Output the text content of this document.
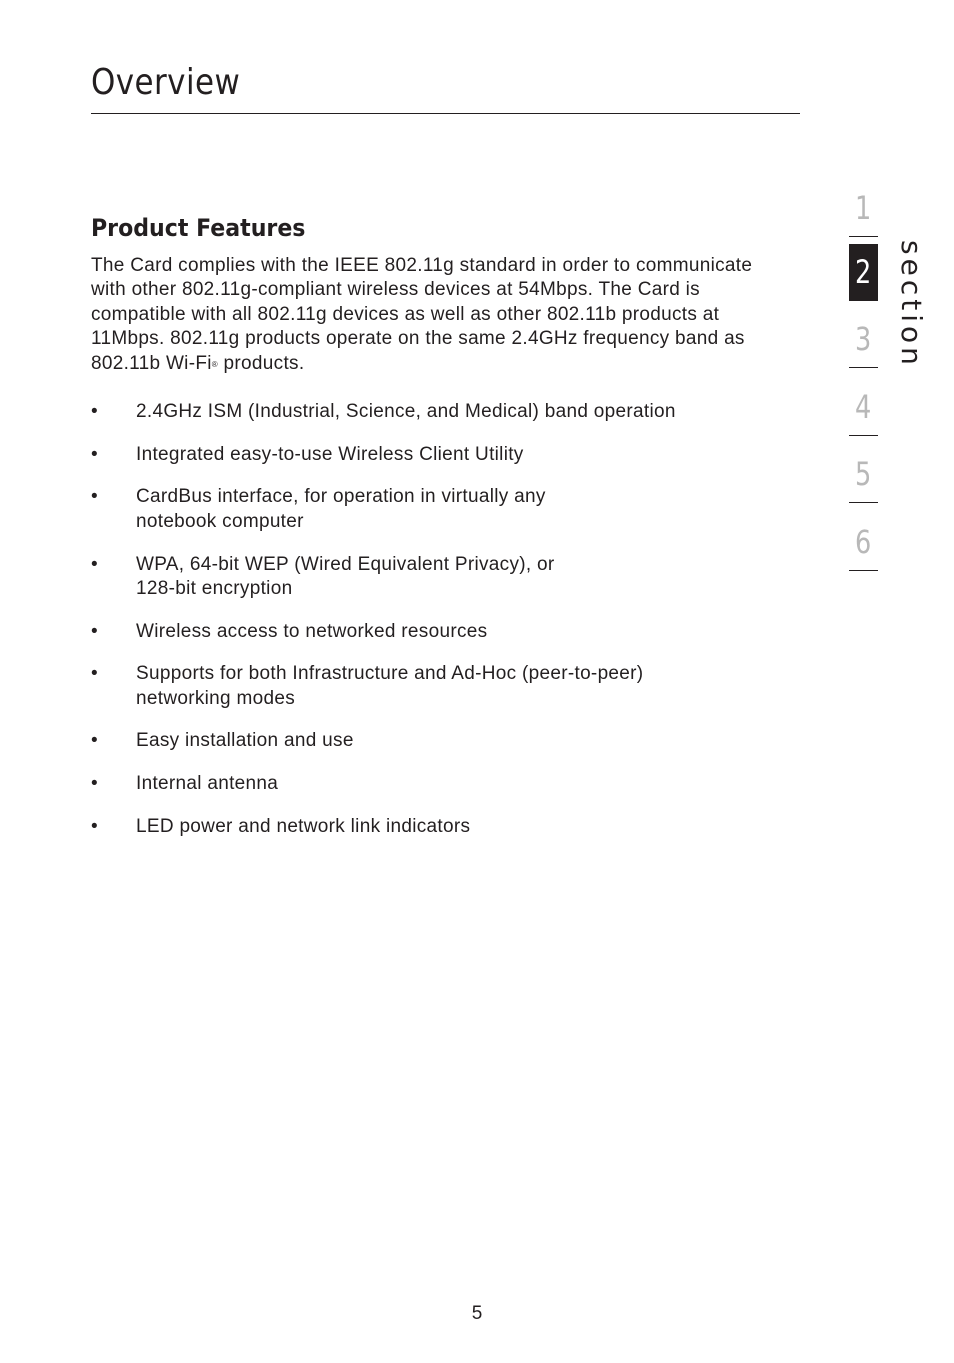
Overview
Product Features

The Card complies with the IEEE 802.11g standard in order to communicate with other 802.11g-compliant wireless devices at 54Mbps. The Card is compatible with all 802.11g devices as well as other 802.11b products at 11Mbps. 802.11g products operate on the same 2.4GHz frequency band as 802.11b Wi-Fi® products.

• 2.4GHz ISM (Industrial, Science, and Medical) band operation
• Integrated easy-to-use Wireless Client Utility
• CardBus interface, for operation in virtually any
notebook computer
• WPA, 64-bit WEP (Wired Equivalent Privacy), or
128-bit encryption
• Wireless access to networked resources
• Supports for both Infrastructure and Ad-Hoc (peer-to-peer)
networking modes
• Easy installation and use
• Internal antenna
• LED power and network link indicators
1
2
3
4
5
6
section
5
